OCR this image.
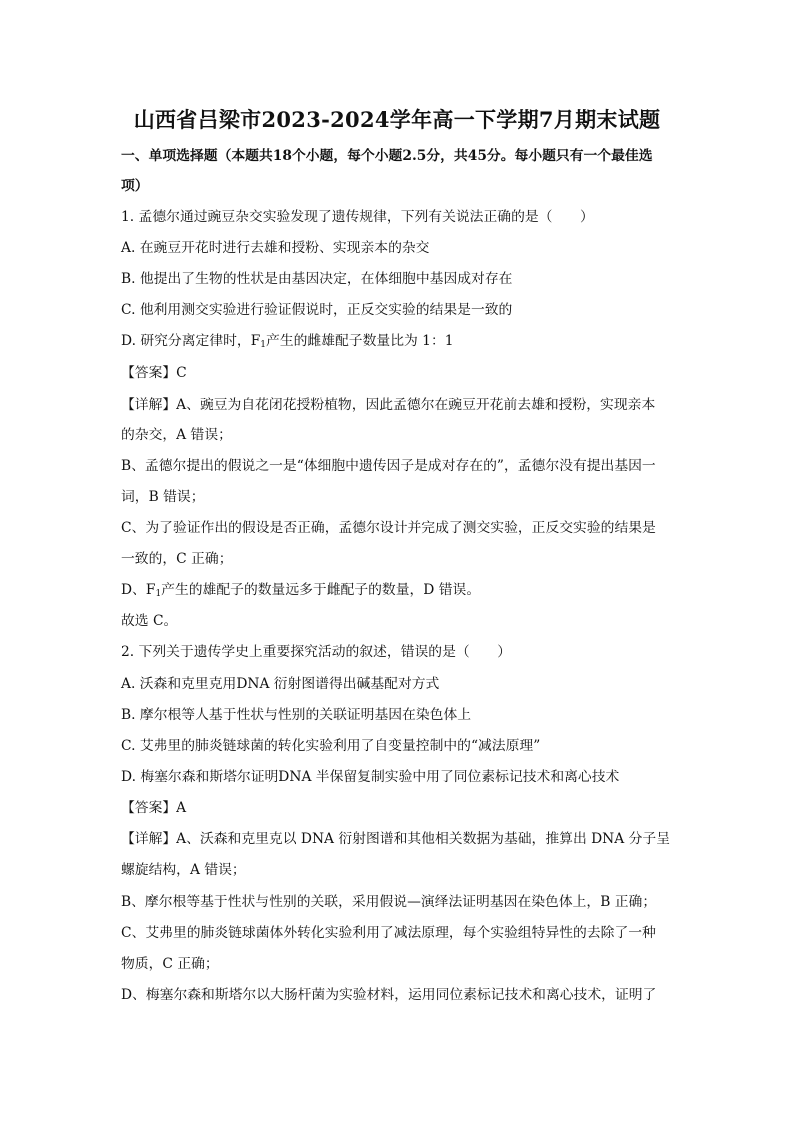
山西省吕梁市2023-2024学年高一下学期7月期末试题
一、单项选择题（本题共18个小题，每个小题2.5分，共45分。每小题只有一个最佳选
项）
1. 孟德尔通过豌豆杂交实验发现了遗传规律，下列有关说法正确的是（　　）
A. 在豌豆开花时进行去雄和授粉、实现亲本的杂交
B. 他提出了生物的性状是由基因决定，在体细胞中基因成对存在
C. 他利用测交实验进行验证假说时，正反交实验的结果是一致的
D. 研究分离定律时，$F_1$产生的雌雄配子数量比为 1：1
【答案】C
【详解】A、豌豆为自花闭花授粉植物，因此孟德尔在豌豆开花前去雄和授粉，实现亲本
的杂交，A 错误；
B、孟德尔提出的假说之一是“体细胞中遗传因子是成对存在的”，孟德尔没有提出基因一
词，B 错误；
C、为了验证作出的假设是否正确，孟德尔设计并完成了测交实验，正反交实验的结果是
一致的，C 正确；
D、$F_1$产生的雄配子的数量远多于雌配子的数量，D 错误。
故选 C。
2. 下列关于遗传学史上重要探究活动的叙述，错误的是（　　）
A. 沃森和克里克用DNA 衍射图谱得出碱基配对方式
B. 摩尔根等人基于性状与性别的关联证明基因在染色体上
C. 艾弗里的肺炎链球菌的转化实验利用了自变量控制中的“减法原理”
D. 梅塞尔森和斯塔尔证明DNA 半保留复制实验中用了同位素标记技术和离心技术
【答案】A
【详解】A、沃森和克里克以 DNA 衍射图谱和其他相关数据为基础，推算出 DNA 分子呈
螺旋结构，A 错误；
B、摩尔根等基于性状与性别的关联，采用假说—演绎法证明基因在染色体上，B 正确；
C、艾弗里的肺炎链球菌体外转化实验利用了减法原理，每个实验组特异性的去除了一种
物质，C 正确；
D、梅塞尔森和斯塔尔以大肠杆菌为实验材料，运用同位素标记技术和离心技术，证明了
